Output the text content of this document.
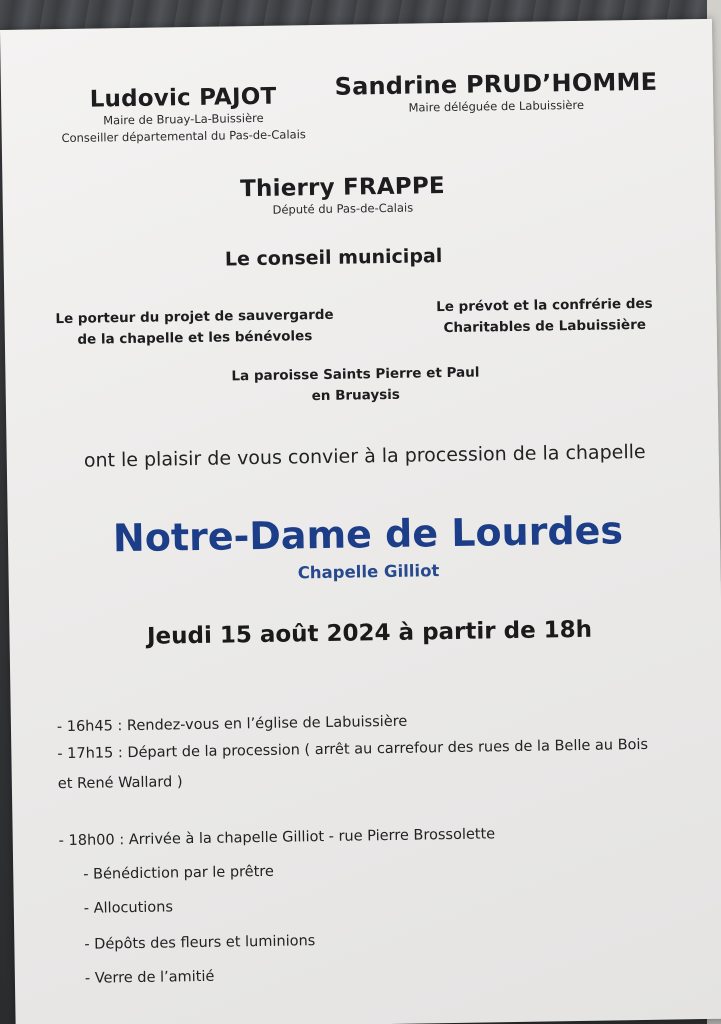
Ludovic PAJOT
Maire de Bruay-La-Buissière
Conseiller départemental du Pas-de-Calais
Sandrine PRUD’HOMME
Maire déléguée de Labuissière
Thierry FRAPPE
Député du Pas-de-Calais
Le conseil municipal
Le porteur du projet de sauvergarde
de la chapelle et les bénévoles
Le prévot et la confrérie des
Charitables de Labuissière
La paroisse Saints Pierre et Paul
en Bruaysis
ont le plaisir de vous convier à la procession de la chapelle
Notre-Dame de Lourdes
Chapelle Gilliot
Jeudi 15 août 2024 à partir de 18h
- 16h45 : Rendez-vous en l’église de Labuissière
- 17h15 : Départ de la procession ( arrêt au carrefour des rues de la Belle au Bois et René Wallard )
- 18h00 : Arrivée à la chapelle Gilliot - rue Pierre Brossolette
- Bénédiction par le prêtre
- Allocutions
- Dépôts des fleurs et luminions
- Verre de l’amitié
